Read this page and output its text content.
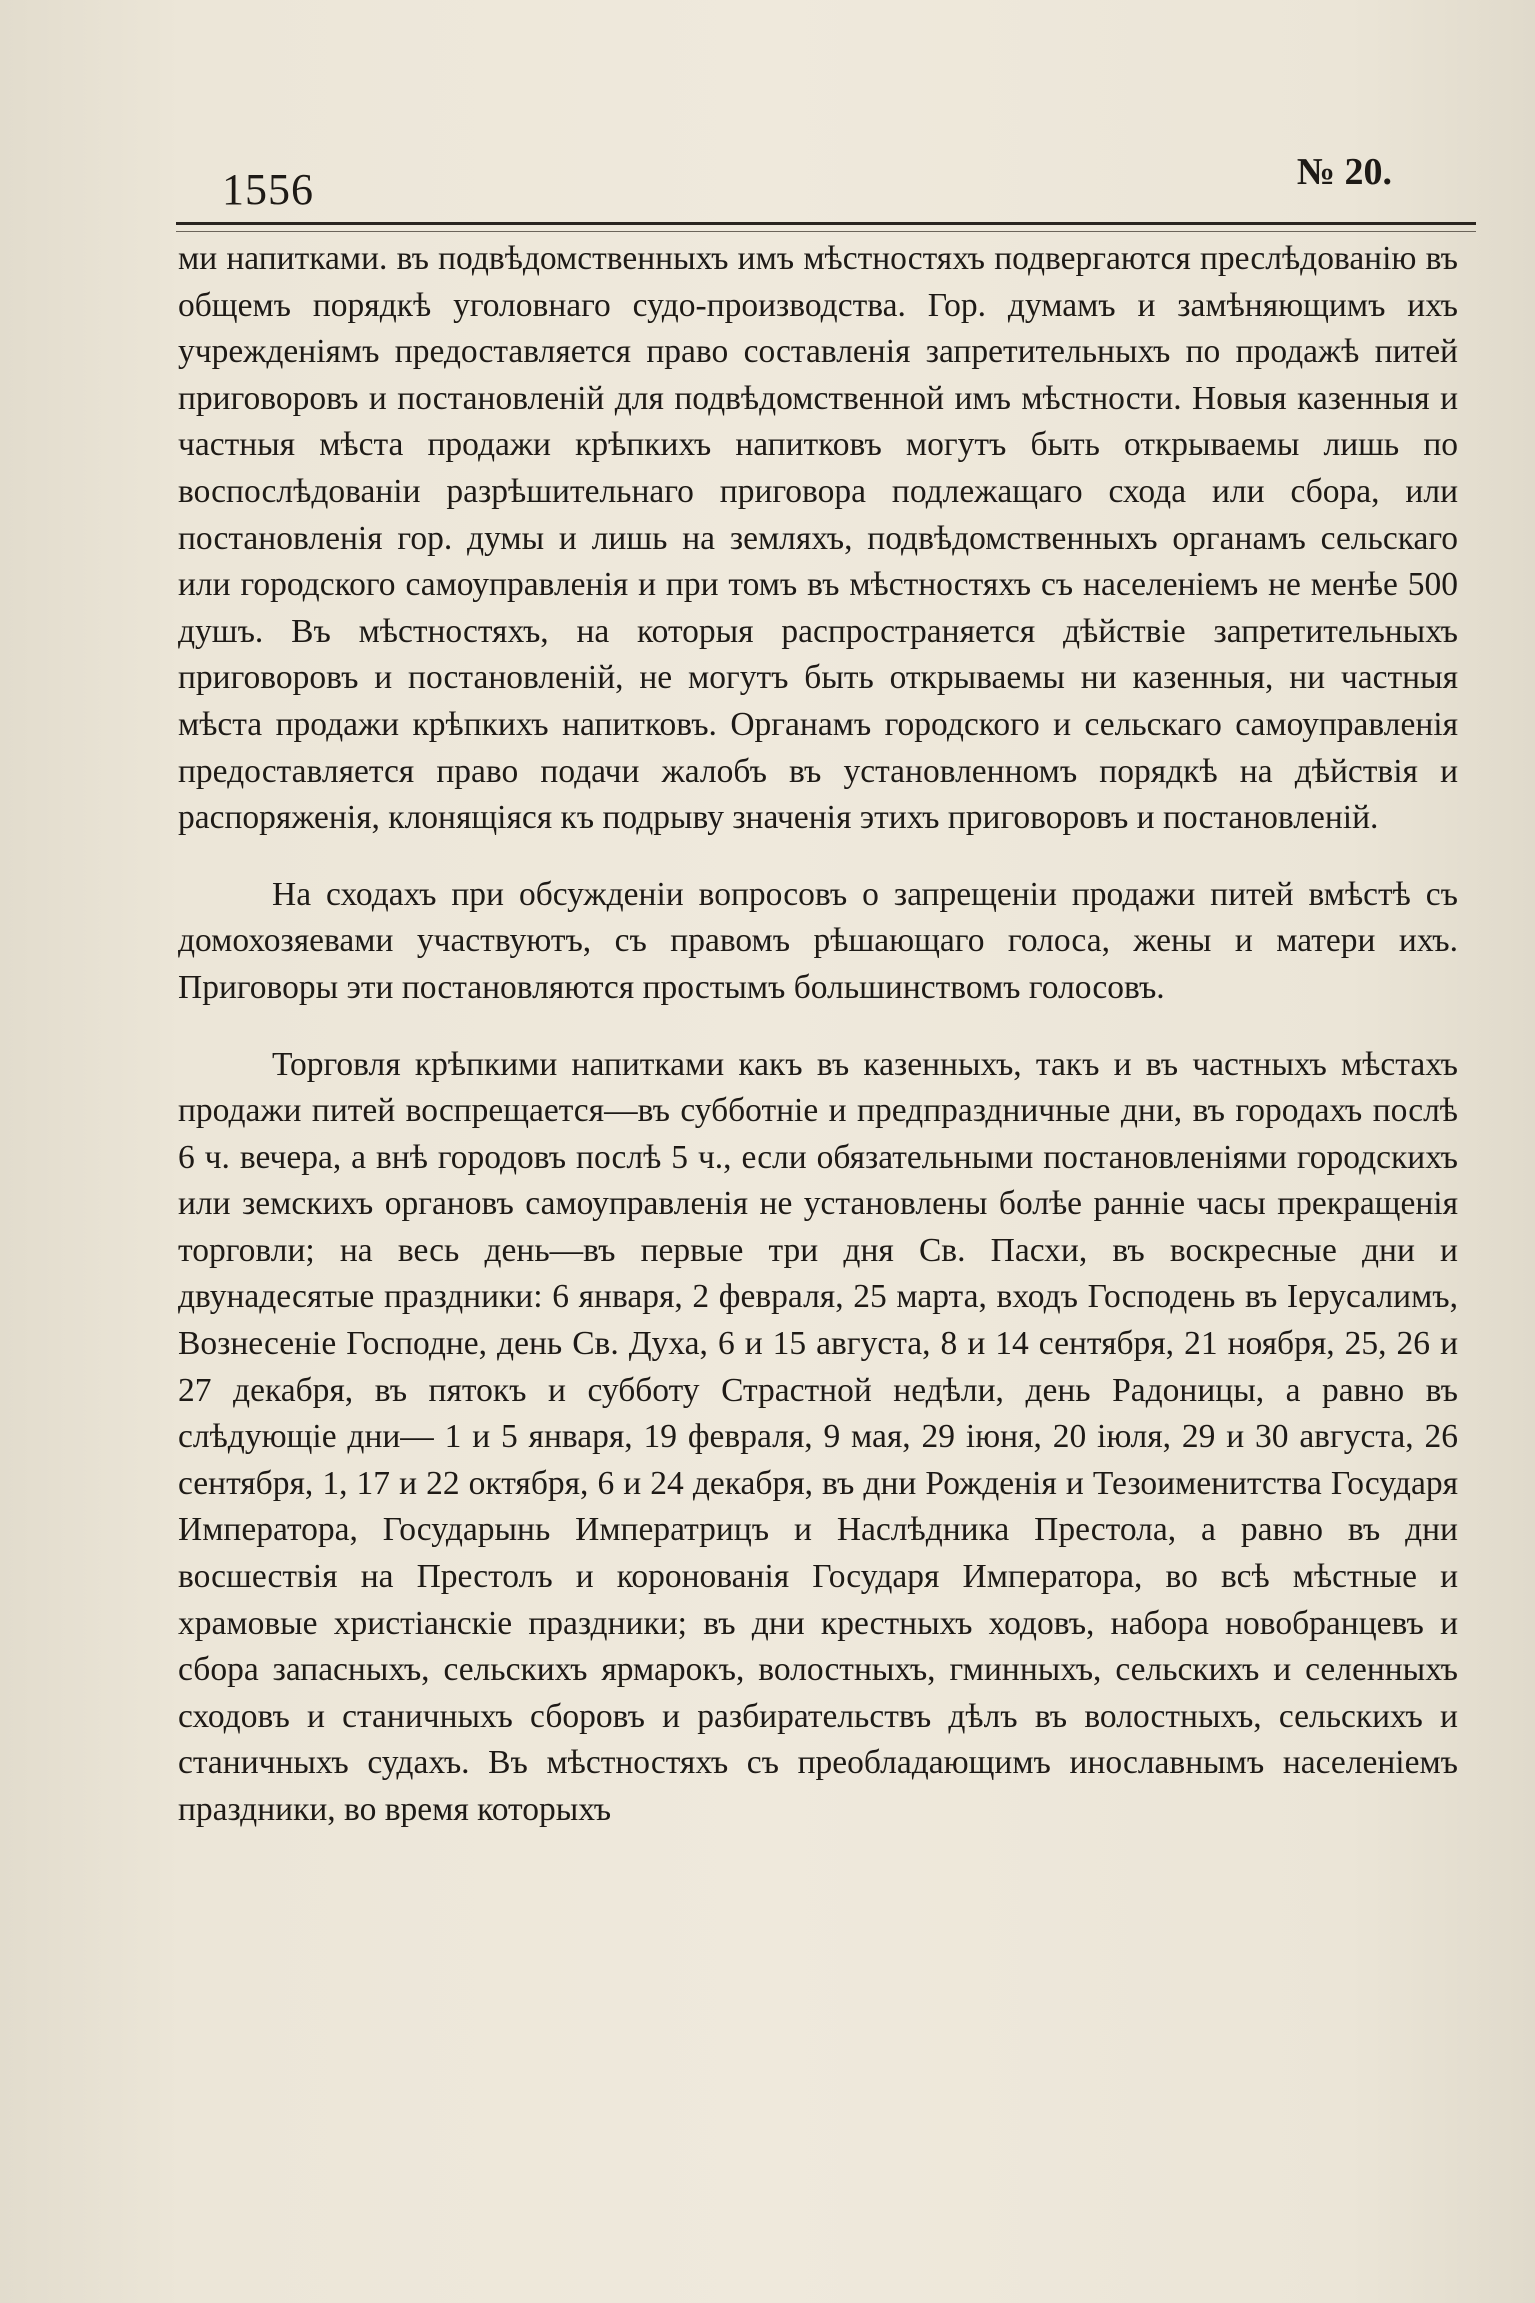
1556	№ 20.

ми напитками. въ подвѣдомственныхъ имъ мѣстностяхъ подвергаются преслѣдованію въ общемъ порядкѣ уголовнаго судо-производства. Гор. думамъ и замѣняющимъ ихъ учрежденіямъ предоставляется право составленія запретительныхъ по продажѣ питей приговоровъ и постановленій для подвѣдомственной имъ мѣстности. Новыя казенныя и частныя мѣста продажи крѣпкихъ напитковъ могутъ быть открываемы лишь по воспослѣдованіи разрѣшительнаго приговора подлежащаго схода или сбора, или постановленія гор. думы и лишь на земляхъ, подвѣдомственныхъ органамъ сельскаго или городского самоуправленія и при томъ въ мѣстностяхъ съ населеніемъ не менѣе 500 душъ. Въ мѣстностяхъ, на которыя распространяется дѣйствіе запретительныхъ приговоровъ и постановленій, не могутъ быть открываемы ни казенныя, ни частныя мѣста продажи крѣпкихъ напитковъ. Органамъ городского и сельскаго самоуправленія предоставляется право подачи жалобъ въ установленномъ порядкѣ на дѣйствія и распоряженія, клонящіяся къ подрыву значенія этихъ приговоровъ и постановленій.

На сходахъ при обсужденіи вопросовъ о запрещеніи продажи питей вмѣстѣ съ домохозяевами участвуютъ, съ правомъ рѣшающаго голоса, жены и матери ихъ. Приговоры эти постановляются простымъ большинствомъ голосовъ.

Торговля крѣпкими напитками какъ въ казенныхъ, такъ и въ частныхъ мѣстахъ продажи питей воспрещается—въ субботніе и предпраздничные дни, въ городахъ послѣ 6 ч. вечера, а внѣ городовъ послѣ 5 ч., если обязательными постановленіями городскихъ или земскихъ органовъ самоуправленія не установлены болѣе ранніе часы прекращенія торговли; на весь день—въ первые три дня Св. Пасхи, въ воскресные дни и двунадесятые праздники: 6 января, 2 февраля, 25 марта, входъ Господень въ Іерусалимъ, Вознесеніе Господне, день Св. Духа, 6 и 15 августа, 8 и 14 сентября, 21 ноября, 25, 26 и 27 декабря, въ пятокъ и субботу Страстной недѣли, день Радоницы, а равно въ слѣдующіе дни— 1 и 5 января, 19 февраля, 9 мая, 29 іюня, 20 іюля, 29 и 30 августа, 26 сентября, 1, 17 и 22 октября, 6 и 24 декабря, въ дни Рожденія и Тезоименитства Государя Императора, Государынь Императрицъ и Наслѣдника Престола, а равно въ дни восшествія на Престолъ и коронованія Государя Императора, во всѣ мѣстные и храмовые христіанскіе праздники; въ дни крестныхъ ходовъ, набора новобранцевъ и сбора запасныхъ, сельскихъ ярмарокъ, волостныхъ, гминныхъ, сельскихъ и селенныхъ сходовъ и станичныхъ сборовъ и разбирательствъ дѣлъ въ волостныхъ, сельскихъ и станичныхъ судахъ. Въ мѣстностяхъ съ преобладающимъ инославнымъ населеніемъ праздники, во время которыхъ
